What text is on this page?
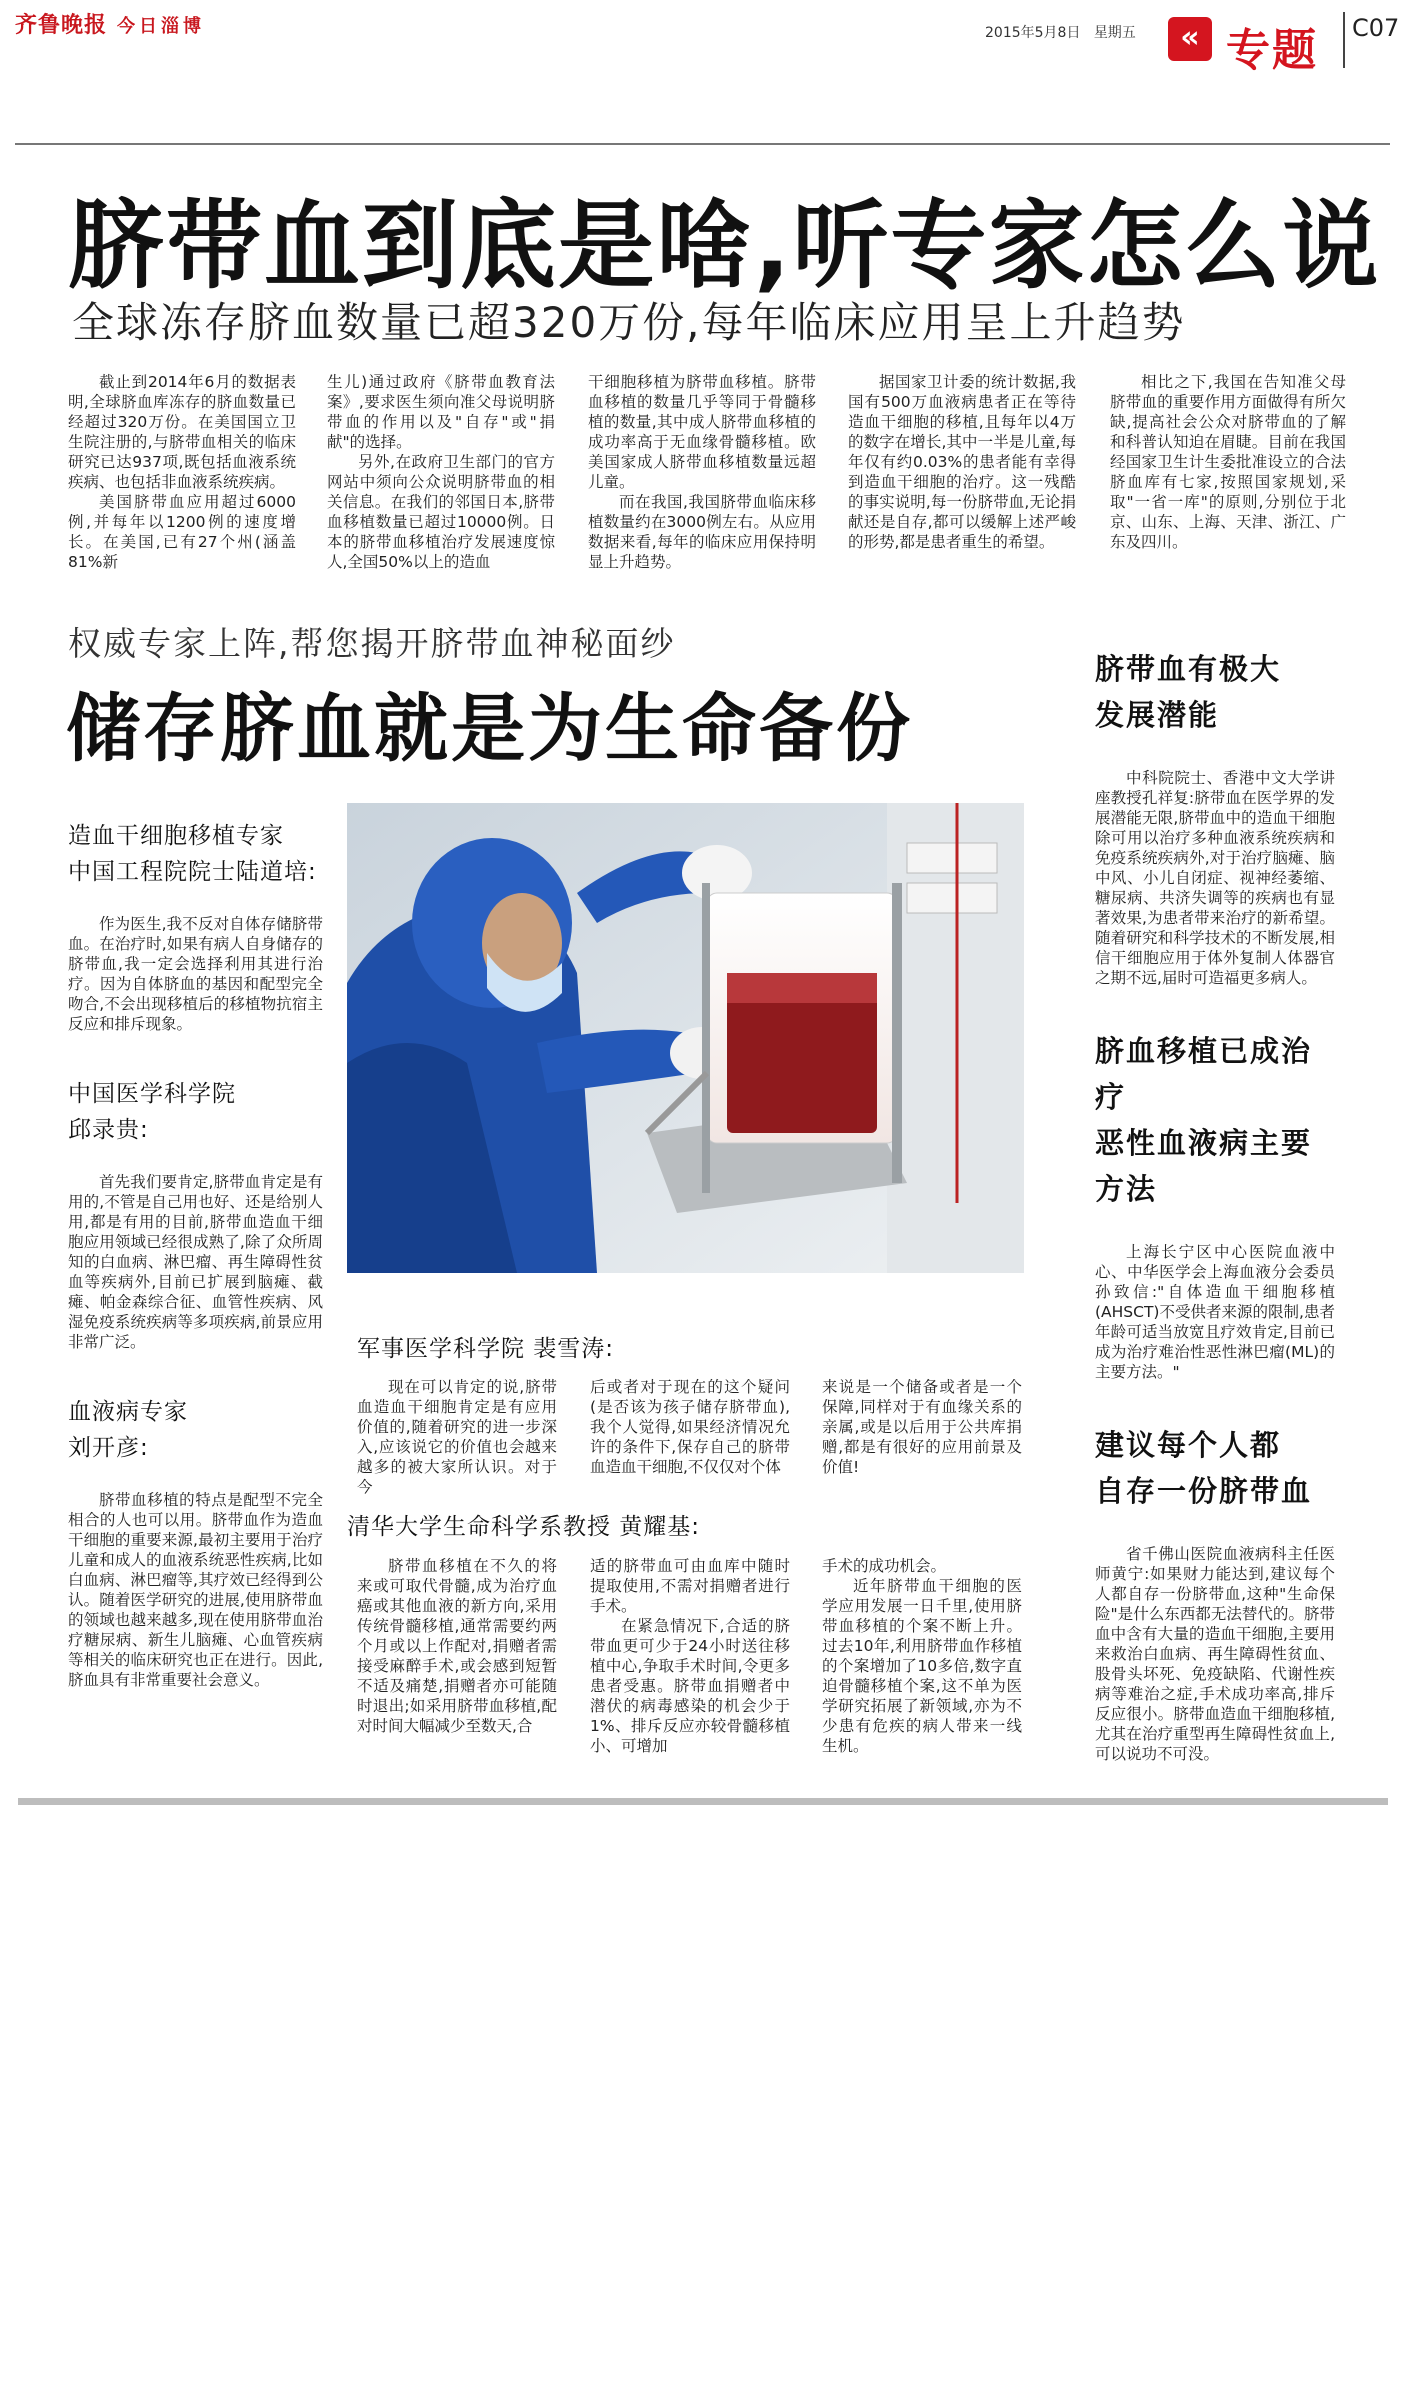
齐鲁晚报 今日淄博	2015年5月8日 星期五	« 专题 C07
脐带血到底是啥,听专家怎么说
全球冻存脐血数量已超320万份,每年临床应用呈上升趋势

截止到2014年6月的数据表明,全球脐血库冻存的脐血数量已经超过320万份。在美国国立卫生院注册的,与脐带血相关的临床研究已达937项,既包括血液系统疾病、也包括非血液系统疾病。

美国脐带血应用超过6000例,并每年以1200例的速度增长。在美国,已有27个州(涵盖81%新

生儿)通过政府《脐带血教育法案》,要求医生须向准父母说明脐带血的作用以及"自存"或"捐献"的选择。

另外,在政府卫生部门的官方网站中须向公众说明脐带血的相关信息。在我们的邻国日本,脐带血移植数量已超过10000例。日本的脐带血移植治疗发展速度惊人,全国50%以上的造血

干细胞移植为脐带血移植。脐带血移植的数量几乎等同于骨髓移植的数量,其中成人脐带血移植的成功率高于无血缘骨髓移植。欧美国家成人脐带血移植数量远超儿童。

而在我国,我国脐带血临床移植数量约在3000例左右。从应用数据来看,每年的临床应用保持明显上升趋势。

据国家卫计委的统计数据,我国有500万血液病患者正在等待造血干细胞的移植,且每年以4万的数字在增长,其中一半是儿童,每年仅有约0.03%的患者能有幸得到造血干细胞的治疗。这一残酷的事实说明,每一份脐带血,无论捐献还是自存,都可以缓解上述严峻的形势,都是患者重生的希望。

相比之下,我国在告知准父母脐带血的重要作用方面做得有所欠缺,提高社会公众对脐带血的了解和科普认知迫在眉睫。目前在我国经国家卫生计生委批准设立的合法脐血库有七家,按照国家规划,采取"一省一库"的原则,分别位于北京、山东、上海、天津、浙江、广东及四川。

权威专家上阵,帮您揭开脐带血神秘面纱
储存脐血就是为生命备份
造血干细胞移植专家
中国工程院院士陆道培:

作为医生,我不反对自体存储脐带血。在治疗时,如果有病人自身储存的脐带血,我一定会选择利用其进行治疗。因为自体脐血的基因和配型完全吻合,不会出现移植后的移植物抗宿主反应和排斥现象。

中国医学科学院
邱录贵:

首先我们要肯定,脐带血肯定是有用的,不管是自己用也好、还是给别人用,都是有用的目前,脐带血造血干细胞应用领域已经很成熟了,除了众所周知的白血病、淋巴瘤、再生障碍性贫血等疾病外,目前已扩展到脑瘫、截瘫、帕金森综合征、血管性疾病、风湿免疫系统疾病等多项疾病,前景应用非常广泛。

血液病专家
刘开彦:

脐带血移植的特点是配型不完全相合的人也可以用。脐带血作为造血干细胞的重要来源,最初主要用于治疗儿童和成人的血液系统恶性疾病,比如白血病、淋巴瘤等,其疗效已经得到公认。随着医学研究的进展,使用脐带血的领域也越来越多,现在使用脐带血治疗糖尿病、新生儿脑瘫、心血管疾病等相关的临床研究也正在进行。因此,脐血具有非常重要社会意义。

军事医学科学院 裴雪涛:

现在可以肯定的说,脐带血造血干细胞肯定是有应用价值的,随着研究的进一步深入,应该说它的价值也会越来越多的被大家所认识。对于今

后或者对于现在的这个疑问(是否该为孩子储存脐带血),我个人觉得,如果经济情况允许的条件下,保存自己的脐带血造血干细胞,不仅仅对个体

来说是一个储备或者是一个保障,同样对于有血缘关系的亲属,或是以后用于公共库捐赠,都是有很好的应用前景及价值!

清华大学生命科学系教授 黄耀基:

脐带血移植在不久的将来或可取代骨髓,成为治疗血癌或其他血液的新方向,采用传统骨髓移植,通常需要约两个月或以上作配对,捐赠者需接受麻醉手术,或会感到短暂不适及痛楚,捐赠者亦可能随时退出;如采用脐带血移植,配对时间大幅减少至数天,合

适的脐带血可由血库中随时提取使用,不需对捐赠者进行手术。

在紧急情况下,合适的脐带血更可少于24小时送往移植中心,争取手术时间,令更多患者受惠。脐带血捐赠者中潜伏的病毒感染的机会少于1%、排斥反应亦较骨髓移植小、可增加

手术的成功机会。

近年脐带血干细胞的医学应用发展一日千里,使用脐带血移植的个案不断上升。过去10年,利用脐带血作移植的个案增加了10多倍,数字直迫骨髓移植个案,这不单为医学研究拓展了新领域,亦为不少患有危疾的病人带来一线生机。

脐带血有极大
发展潜能

中科院院士、香港中文大学讲座教授孔祥复:脐带血在医学界的发展潜能无限,脐带血中的造血干细胞除可用以治疗多种血液系统疾病和免疫系统疾病外,对于治疗脑瘫、脑中风、小儿自闭症、视神经萎缩、糖尿病、共济失调等的疾病也有显著效果,为患者带来治疗的新希望。随着研究和科学技术的不断发展,相信干细胞应用于体外复制人体器官之期不远,届时可造福更多病人。

脐血移植已成治疗
恶性血液病主要方法

上海长宁区中心医院血液中心、中华医学会上海血液分会委员孙致信:"自体造血干细胞移植(AHSCT)不受供者来源的限制,患者年龄可适当放宽且疗效肯定,目前已成为治疗难治性恶性淋巴瘤(ML)的主要方法。"

建议每个人都
自存一份脐带血

省千佛山医院血液病科主任医师黄宁:如果财力能达到,建议每个人都自存一份脐带血,这种"生命保险"是什么东西都无法替代的。脐带血中含有大量的造血干细胞,主要用来救治白血病、再生障碍性贫血、股骨头坏死、免疫缺陷、代谢性疾病等难治之症,手术成功率高,排斥反应很小。脐带血造血干细胞移植,尤其在治疗重型再生障碍性贫血上,可以说功不可没。
